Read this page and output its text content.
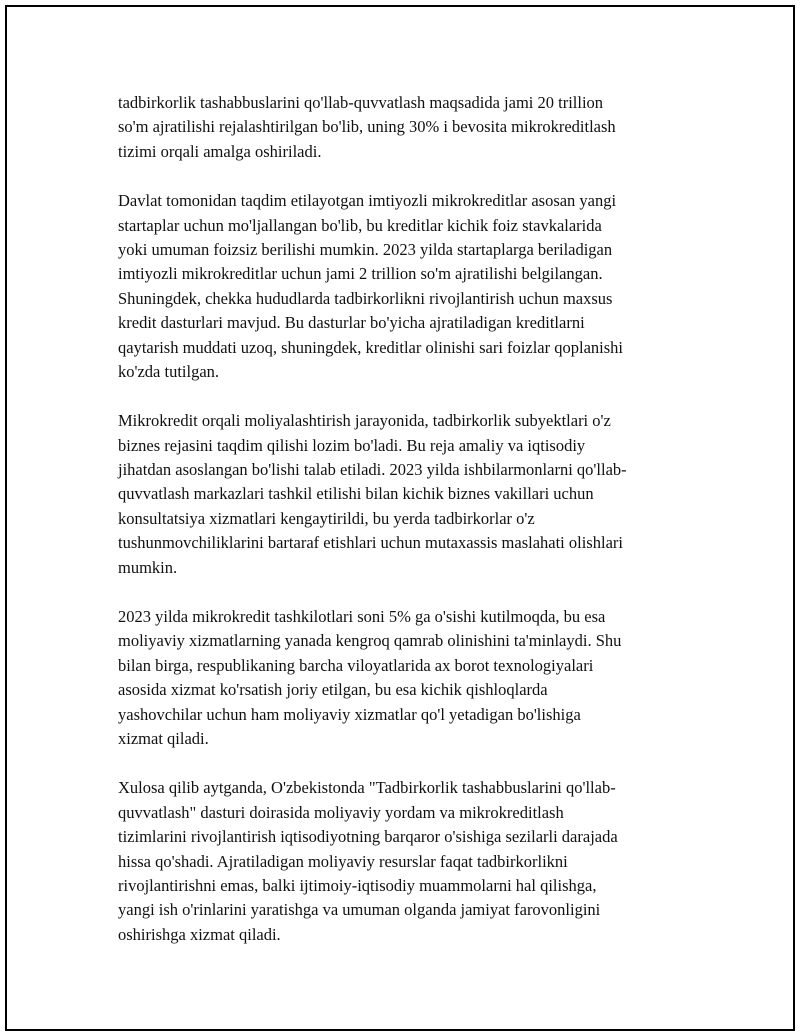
tadbirkorlik tashabbuslarini qo'llab-quvvatlash maqsadida jami 20 trillion
so'm ajratilishi rejalashtirilgan bo'lib, uning 30% i bevosita mikrokreditlash
tizimi orqali amalga oshiriladi.
Davlat tomonidan taqdim etilayotgan imtiyozli mikrokreditlar asosan yangi
startaplar uchun mo'ljallangan bo'lib, bu kreditlar kichik foiz stavkalarida
yoki umuman foizsiz berilishi mumkin. 2023 yilda startaplarga beriladigan
imtiyozli mikrokreditlar uchun jami 2 trillion so'm ajratilishi belgilangan.
Shuningdek, chekka hududlarda tadbirkorlikni rivojlantirish uchun maxsus
kredit dasturlari mavjud. Bu dasturlar bo'yicha ajratiladigan kreditlarni
qaytarish muddati uzoq, shuningdek, kreditlar olinishi sari foizlar qoplanishi
ko'zda tutilgan.
Mikrokredit orqali moliyalashtirish jarayonida, tadbirkorlik subyektlari o'z
biznes rejasini taqdim qilishi lozim bo'ladi. Bu reja amaliy va iqtisodiy
jihatdan asoslangan bo'lishi talab etiladi. 2023 yilda ishbilarmonlarni qo'llab-
quvvatlash markazlari tashkil etilishi bilan kichik biznes vakillari uchun
konsultatsiya xizmatlari kengaytirildi, bu yerda tadbirkorlar o'z
tushunmovchiliklarini bartaraf etishlari uchun mutaxassis maslahati olishlari
mumkin.
2023 yilda mikrokredit tashkilotlari soni 5% ga o'sishi kutilmoqda, bu esa
moliyaviy xizmatlarning yanada kengroq qamrab olinishini ta'minlaydi. Shu
bilan birga, respublikaning barcha viloyatlarida ax borot texnologiyalari
asosida xizmat ko'rsatish joriy etilgan, bu esa kichik qishloqlarda
yashovchilar uchun ham moliyaviy xizmatlar qo'l yetadigan bo'lishiga
xizmat qiladi.
Xulosa qilib aytganda, O'zbekistonda "Tadbirkorlik tashabbuslarini qo'llab-
quvvatlash" dasturi doirasida moliyaviy yordam va mikrokreditlash
tizimlarini rivojlantirish iqtisodiyotning barqaror o'sishiga sezilarli darajada
hissa qo'shadi. Ajratiladigan moliyaviy resurslar faqat tadbirkorlikni
rivojlantirishni emas, balki ijtimoiy-iqtisodiy muammolarni hal qilishga,
yangi ish o'rinlarini yaratishga va umuman olganda jamiyat farovonligini
oshirishga xizmat qiladi.
